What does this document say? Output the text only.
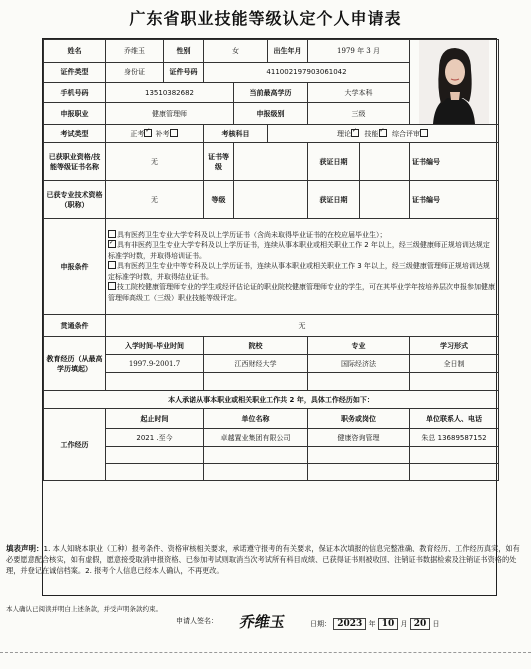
广东省职业技能等级认定个人申请表
姓名	乔维玉	性别	女		出生年月	1979 年 3 月	

证件类型	身份证	证件号码	411002197903061042					
手机号码	13510382682			当前最高学历		大学本科		
申报职业	健康管理师			申报级别		三级		
考试类型	正考 ✓ 补考		考核科目		理论 ✓ 技能 ✓ 综合评审
已获职业资格/技能等级证书名称	无		证书等级			获证日期		证书编号
已获专业技术资格（职称）	无		等级			获证日期		证书编号
申报条件	具有医药卫生专业大学专科及以上学历证书（含尚未取得毕业证书的在校应届毕业生）；
✓具有非医药卫生专业大学专科及以上学历证书，连续从事本职业或相关职业工作 2 年以上，经三级健康师正规培训达规定标准学时数，并取得培训证书。
具有医药卫生专业中等专科及以上学历证书，连续从事本职业或相关职业工作 3 年以上，经三级健康管理师正规培训达规定标准学时数，并取得结业证书。
技工院校健康管理师专业的学生或经评估论证的职业院校健康管理师专业的学生，可在其毕业学年按培养层次申报参加健康管理师高级工（三级）职业技能等级评定。

贯通条件	无							
教育经历（从最高学历填起）	入学时间-毕业时间		院校			专业		学习形式
	1997.9-2001.7		江西财经大学			国际经济法		全日制

本人承诺从事本职业或相关职业工作共 2 年，具体工作经历如下：								
工作经历	起止时间		单位名称			职务或岗位		单位联系人、电话
	2021 .至今		卓越置业集团有限公司			健康咨询管理		朱总 13689587152

填表声明：1. 本人知晓本职业（工种）报考条件、资格审核相关要求，承诺遵守报考的有关要求，保证本次填报的信息完整准确、教育经历、工作经历真实，如有必要愿意配合核实，如有虚假，愿意接受取消申报资格、已参加考试则取消当次考试所有科目成绩、已获得证书则被收回、注销证书数据检索及注销证书资格的处理，并登记在诚信档案。2. 报考个人信息已经本人确认，不再更改。
本人确认已阅读并明白上述条款，并受声明条款约束。
申请人签名： 乔维玉	日期： 2023 年 10 月 20 日
